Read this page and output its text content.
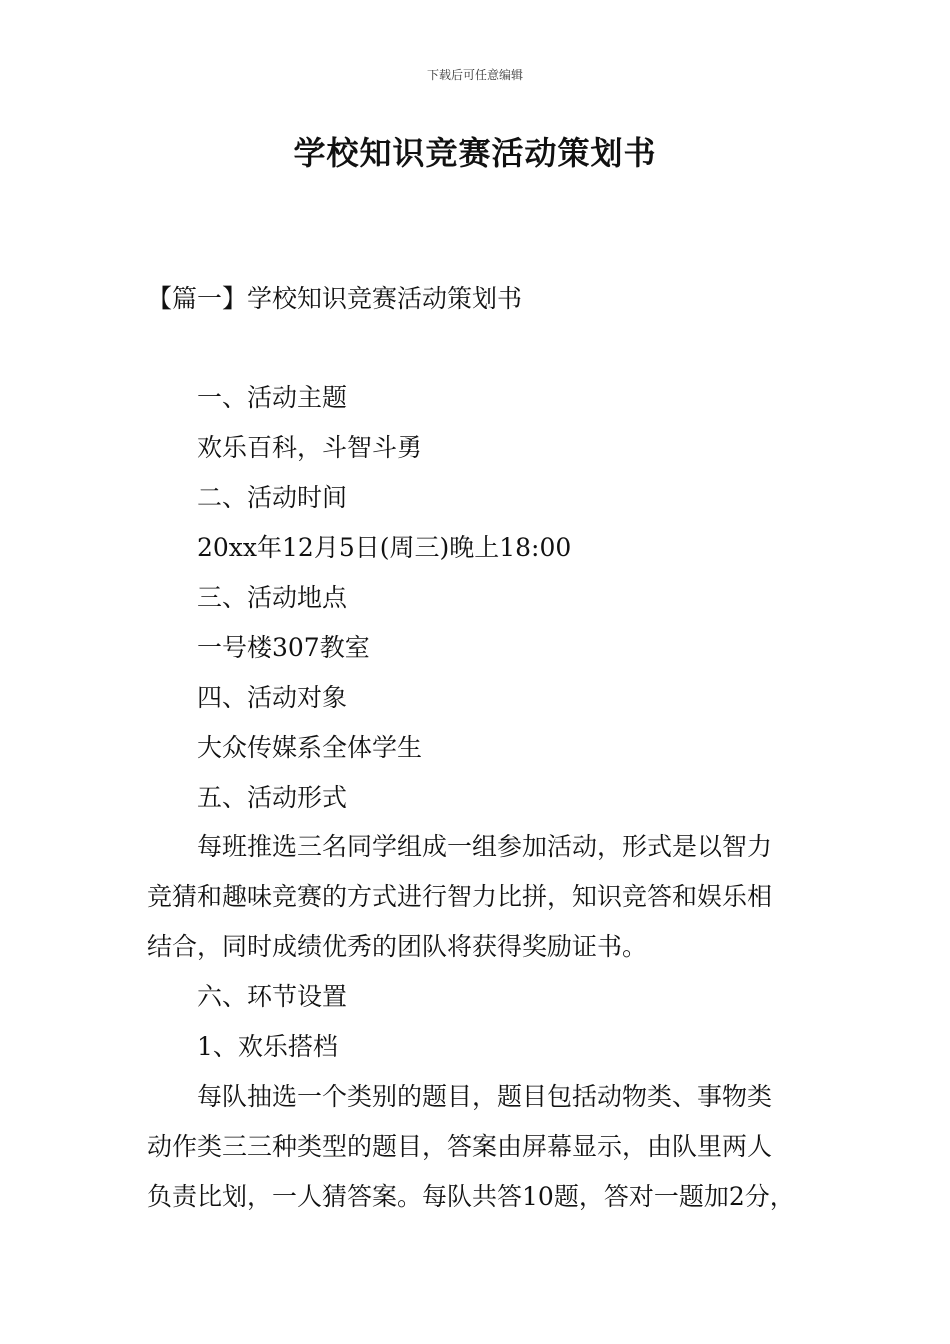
下载后可任意编辑
学校知识竞赛活动策划书
【篇一】学校知识竞赛活动策划书
一、活动主题
欢乐百科，斗智斗勇
二、活动时间
20xx年12月5日(周三)晚上18:00
三、活动地点
一号楼307教室
四、活动对象
大众传媒系全体学生
五、活动形式
每班推选三名同学组成一组参加活动，形式是以智力
竞猜和趣味竞赛的方式进行智力比拼，知识竞答和娱乐相
结合，同时成绩优秀的团队将获得奖励证书。
六、环节设置
1、欢乐搭档
每队抽选一个类别的题目，题目包括动物类、事物类
动作类三三种类型的题目，答案由屏幕显示，由队里两人
负责比划，一人猜答案。每队共答10题，答对一题加2分，
